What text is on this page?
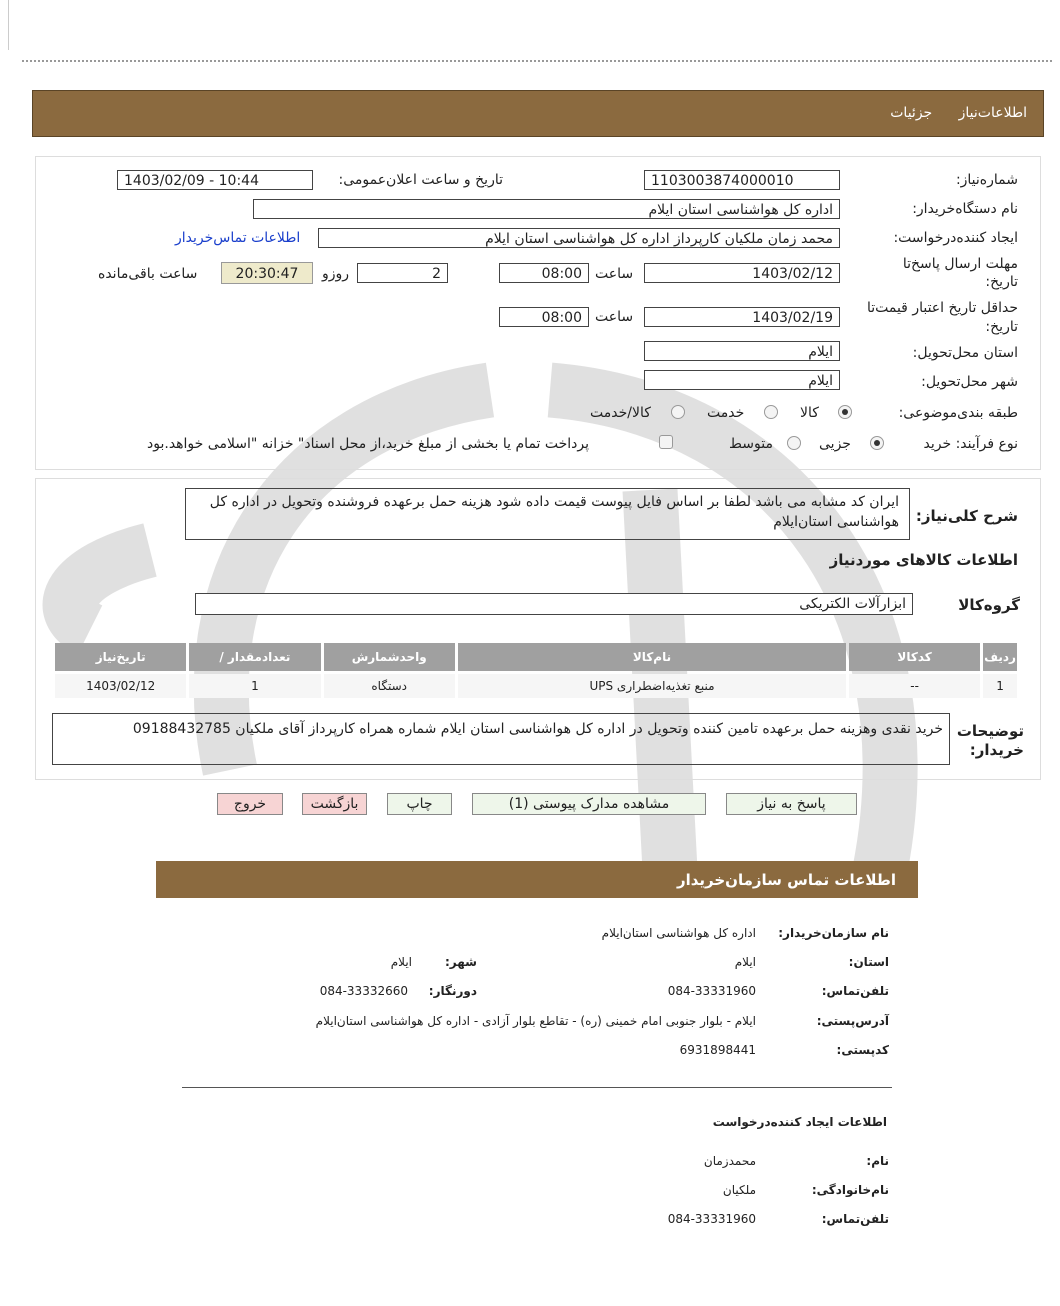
اطلاعات‌نیاز جزئیات
شماره‌نیاز:
1103003874000010
تاریخ و ساعت اعلان‌عمومی:
1403/02/09 - 10:44
نام دستگاه‌خریدار:
اداره کل هواشناسی استان ایلام
ایجاد کننده‌درخواست:
محمد زمان ملکیان کارپرداز اداره کل هواشناسی استان ایلام
اطلاعات تماس‌خریدار
مهلت ارسال پاسخ‌تا
تاریخ:
1403/02/12
ساعت
08:00
2
روزو
20:30:47
ساعت باقی‌مانده
حداقل تاریخ اعتبار قیمت‌تا
تاریخ:
1403/02/19
ساعت
08:00
استان محل‌تحویل:
ایلام
شهر محل‌تحویل:
ایلام
طبقه بندی‌موضوعی:
کالا
خدمت
کالا/خدمت
نوع فرآیند: خرید
جزیی
متوسط
پرداخت تمام یا بخشی از مبلغ خرید،از محل اسناد" خزانه "اسلامی خواهد.بود
شرح کلی‌نیاز:
ایران کد مشابه می باشد لطفا بر اساس فایل پیوست قیمت داده شود هزینه حمل برعهده فروشنده وتحویل در اداره کل هواشناسی استان‌ایلام
اطلاعات کالاهای موردنیاز
گروه‌کالا
ابزارآلات الکتریکی
ردیف	کدکالا	نام‌کالا	واحدشمارش	تعدادمقدار /	تاریخ‌نیاز
1	--	منبع تغذیه‌اضطراری UPS	دستگاه	1	1403/02/12
توضیحات
خریدار:
خرید نقدی وهزینه حمل برعهده تامین کننده وتحویل در اداره کل هواشناسی استان ایلام شماره همراه کارپرداز آقای ملکیان 09188432785
پاسخ به نیاز
مشاهده مدارک پیوستی (1)
چاپ
بازگشت
خروج
اطلاعات تماس سازمان‌خریدار
نام سازمان‌خریدار:
اداره کل هواشناسی استان‌ایلام
استان:
ایلام
شهر:
ایلام
تلفن‌تماس:
084-33331960
دورنگار:
084-33332660
آدرس‌پستی:
ایلام - بلوار جنوبی امام خمینی (ره) - تقاطع بلوار آزادی - اداره کل هواشناسی استان‌ایلام
کدپستی:
6931898441
اطلاعات ایجاد کننده‌درخواست
نام:
محمدزمان
نام‌خانوادگی:
ملکیان
تلفن‌تماس:
084-33331960
